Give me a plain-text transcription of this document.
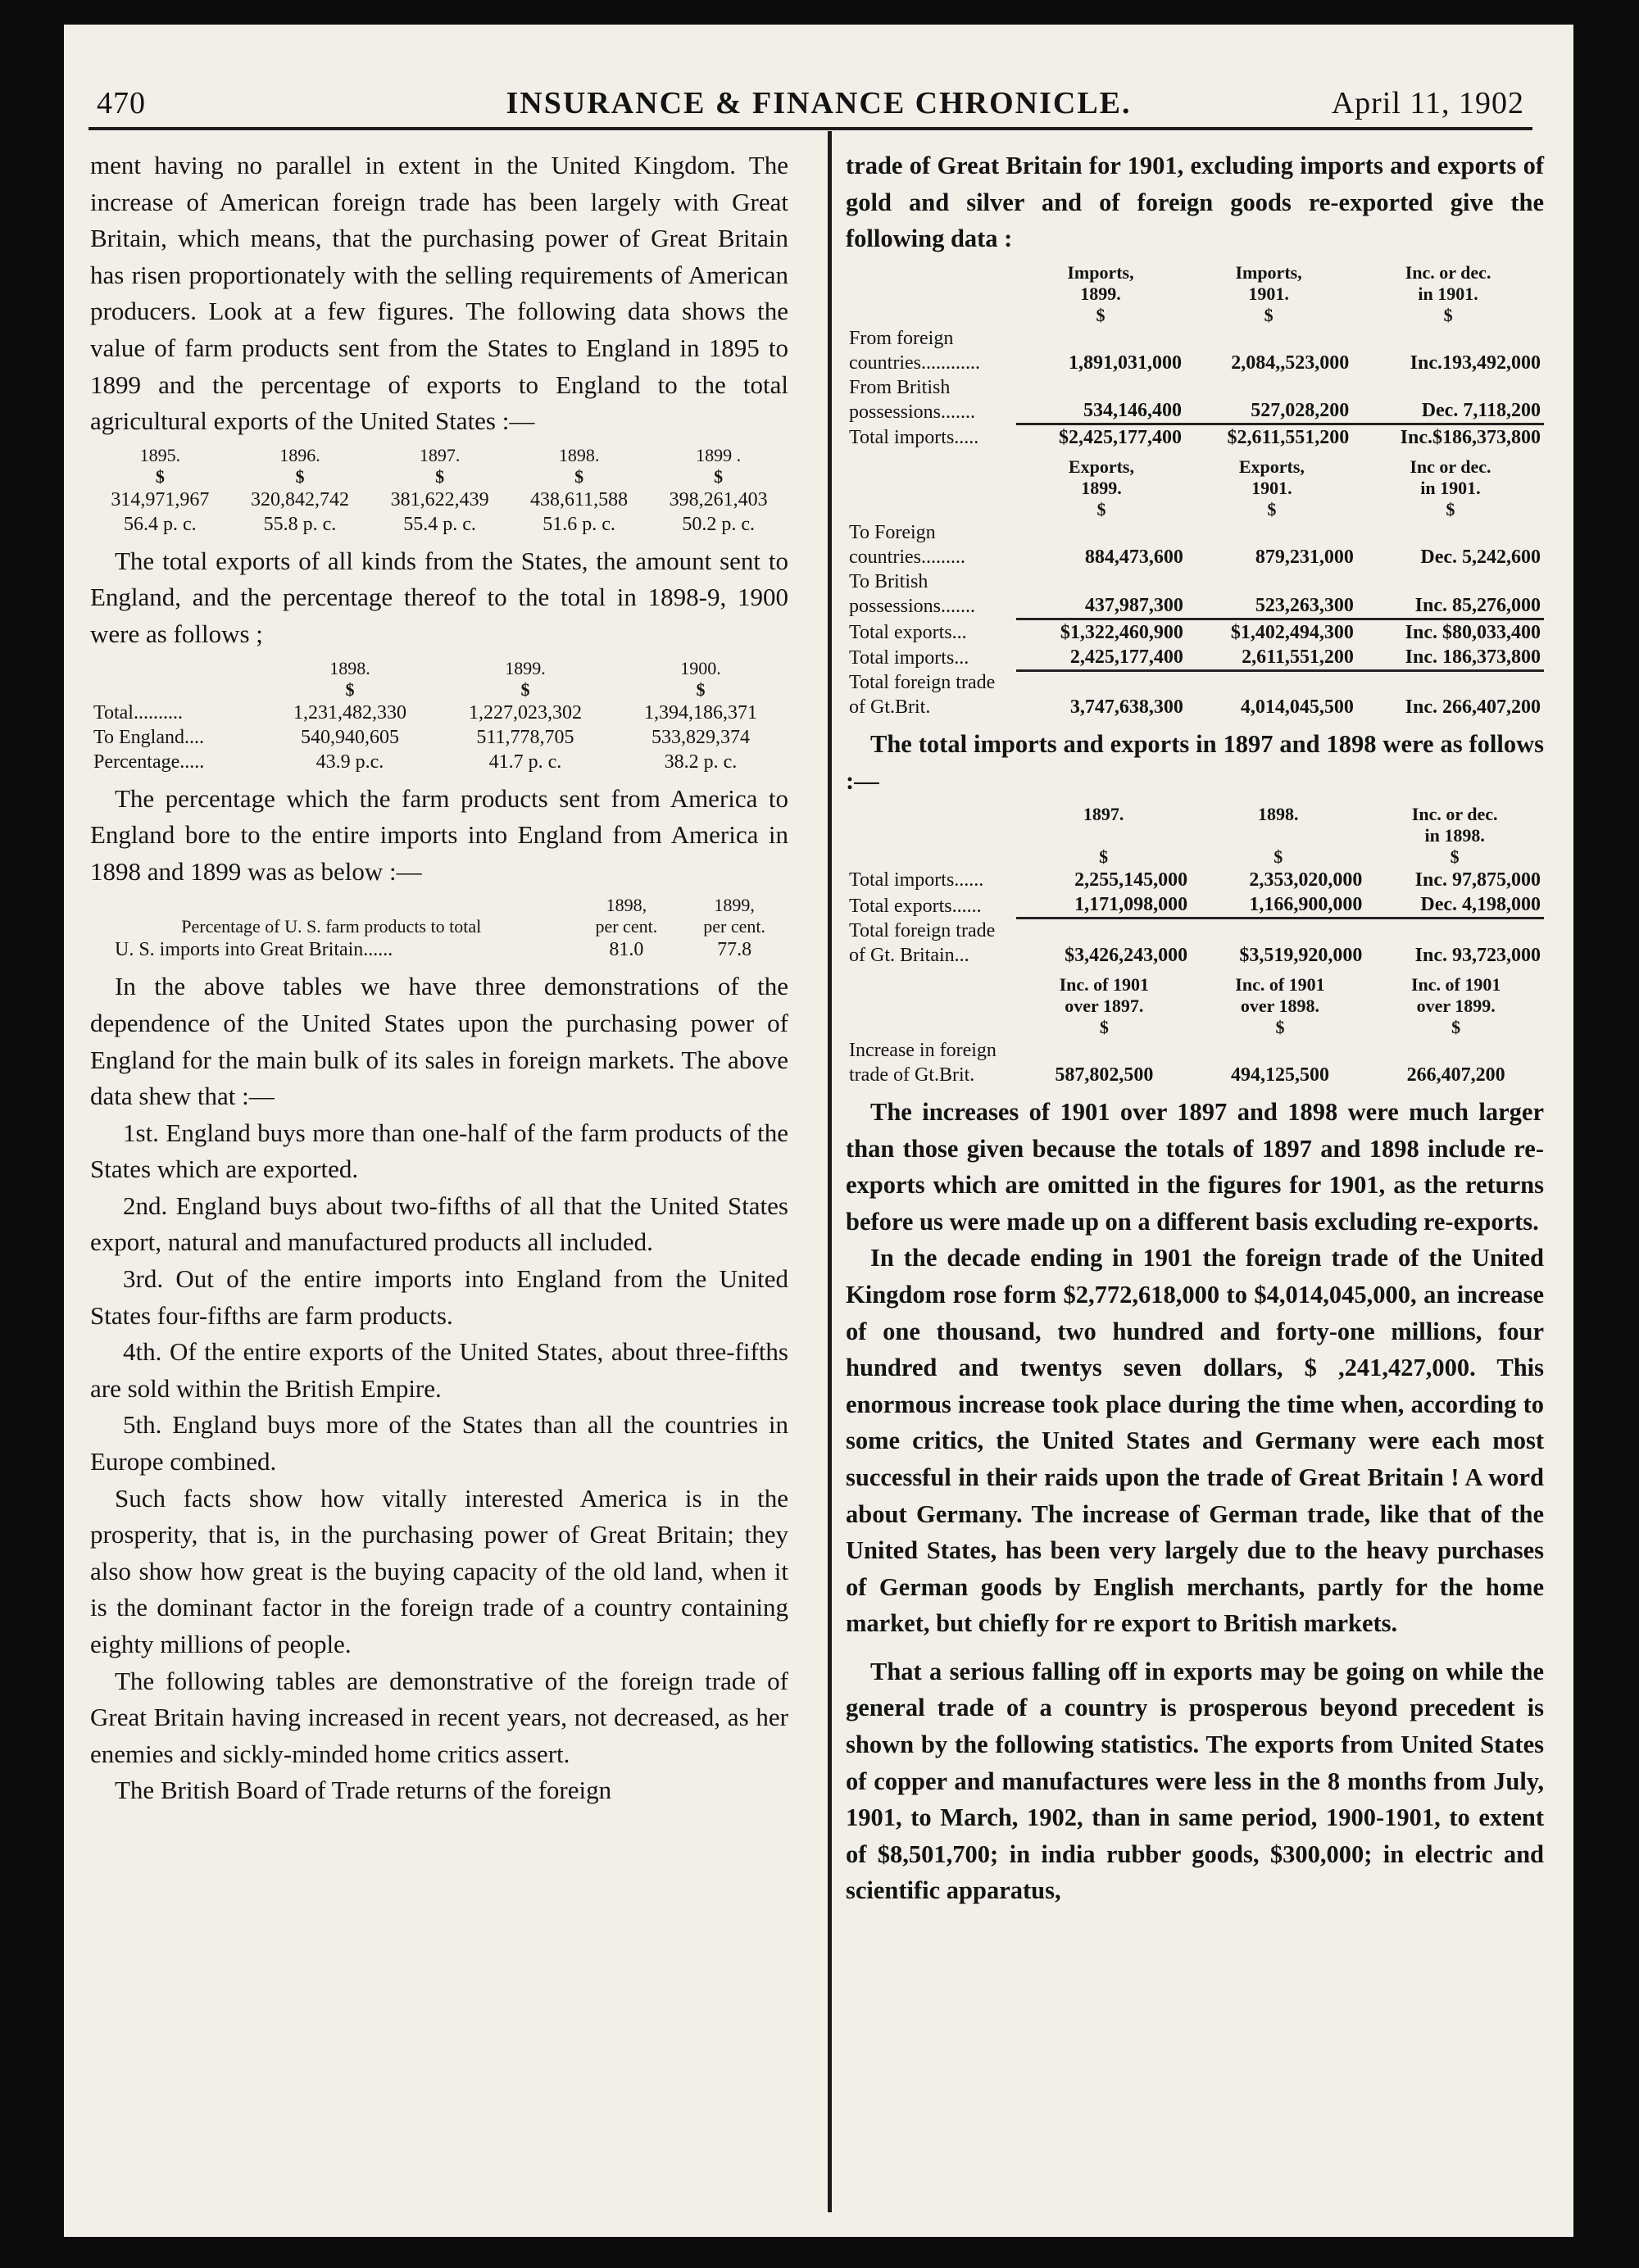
470	INSURANCE & FINANCE CHRONICLE.	April 11, 1902

ment having no parallel in extent in the United Kingdom. The increase of American foreign trade has been largely with Great Britain, which means, that the purchasing power of Great Britain has risen proportionately with the selling requirements of American producers. Look at a few figures. The following data shows the value of farm products sent from the States to England in 1895 to 1899 and the percentage of exports to England to the total agricultural exports of the United States :—

1895.	1896.	1897.	1898.	1899 .
$	$	$	$	$
314,971,967	320,842,742	381,622,439	438,611,588	398,261,403
56.4 p. c.	55.8 p. c.	55.4 p. c.	51.6 p. c.	50.2 p. c.

The total exports of all kinds from the States, the amount sent to England, and the percentage thereof to the total in 1898-9, 1900 were as follows ;

	1898.	1899.	1900.
	$	$	$
Total..........	1,231,482,330	1,227,023,302	1,394,186,371
To England....	540,940,605	511,778,705	533,829,374
Percentage.....	43.9 p.c.	41.7 p. c.	38.2 p. c.

The percentage which the farm products sent from America to England bore to the entire imports into England from America in 1898 and 1899 was as below :—

	1898,	1899,
Percentage of U. S. farm products to total	per cent.	per cent.
U. S. imports into Great Britain......	81.0	77.8

In the above tables we have three demonstrations of the dependence of the United States upon the purchasing power of England for the main bulk of its sales in foreign markets. The above data shew that :—

1st. England buys more than one-half of the farm products of the States which are exported.

2nd. England buys about two-fifths of all that the United States export, natural and manufactured products all included.

3rd. Out of the entire imports into England from the United States four-fifths are farm products.

4th. Of the entire exports of the United States, about three-fifths are sold within the British Empire.

5th. England buys more of the States than all the countries in Europe combined.

Such facts show how vitally interested America is in the prosperity, that is, in the purchasing power of Great Britain; they also show how great is the buying capacity of the old land, when it is the dominant factor in the foreign trade of a country containing eighty millions of people.

The following tables are demonstrative of the foreign trade of Great Britain having increased in recent years, not decreased, as her enemies and sickly-minded home critics assert.

The British Board of Trade returns of the foreign

trade of Great Britain for 1901, excluding imports and exports of gold and silver and of foreign goods re-exported give the following data :

	Imports,	Imports,	Inc. or dec.
	1899.	1901.	in 1901.
	$	$	$
From foreign countries............	1,891,031,000	2,084,,523,000	Inc.193,492,000
From British possessions.......	534,146,400	527,028,200	Dec. 7,118,200
Total imports.....	$2,425,177,400	$2,611,551,200	Inc.$186,373,800
	Exports,	Exports,	Inc or dec.
	1899.	1901.	in 1901.
	$	$	$
To Foreign countries.........	884,473,600	879,231,000	Dec. 5,242,600
To British possessions.......	437,987,300	523,263,300	Inc. 85,276,000
Total exports...	$1,322,460,900	$1,402,494,300	Inc. $80,033,400
Total imports...	2,425,177,400	2,611,551,200	Inc. 186,373,800
Total foreign trade of Gt.Brit.	3,747,638,300	4,014,045,500	Inc. 266,407,200

The total imports and exports in 1897 and 1898 were as follows :—

	1897.	1898.	Inc. or dec.
			in 1898.
	$	$	$
Total imports......	2,255,145,000	2,353,020,000	Inc. 97,875,000
Total exports......	1,171,098,000	1,166,900,000	Dec. 4,198,000
Total foreign trade of Gt. Britain...	$3,426,243,000	$3,519,920,000	Inc. 93,723,000
	Inc. of 1901	Inc. of 1901	Inc. of 1901
	over 1897.	over 1898.	over 1899.
	$	$	$
Increase in foreign trade of Gt.Brit.	587,802,500	494,125,500	266,407,200

The increases of 1901 over 1897 and 1898 were much larger than those given because the totals of 1897 and 1898 include re-exports which are omitted in the figures for 1901, as the returns before us were made up on a different basis excluding re-exports.

In the decade ending in 1901 the foreign trade of the United Kingdom rose form $2,772,618,000 to $4,014,045,000, an increase of one thousand, two hundred and forty-one millions, four hundred and twentys seven dollars, $ ,241,427,000. This enormous increase took place during the time when, according to some critics, the United States and Germany were each most successful in their raids upon the trade of Great Britain ! A word about Germany. The increase of German trade, like that of the United States, has been very largely due to the heavy purchases of German goods by English merchants, partly for the home market, but chiefly for re export to British markets.

That a serious falling off in exports may be going on while the general trade of a country is prosperous beyond precedent is shown by the following statistics. The exports from United States of copper and manufactures were less in the 8 months from July, 1901, to March, 1902, than in same period, 1900-1901, to extent of $8,501,700; in india rubber goods, $300,000; in electric and scientific apparatus,
